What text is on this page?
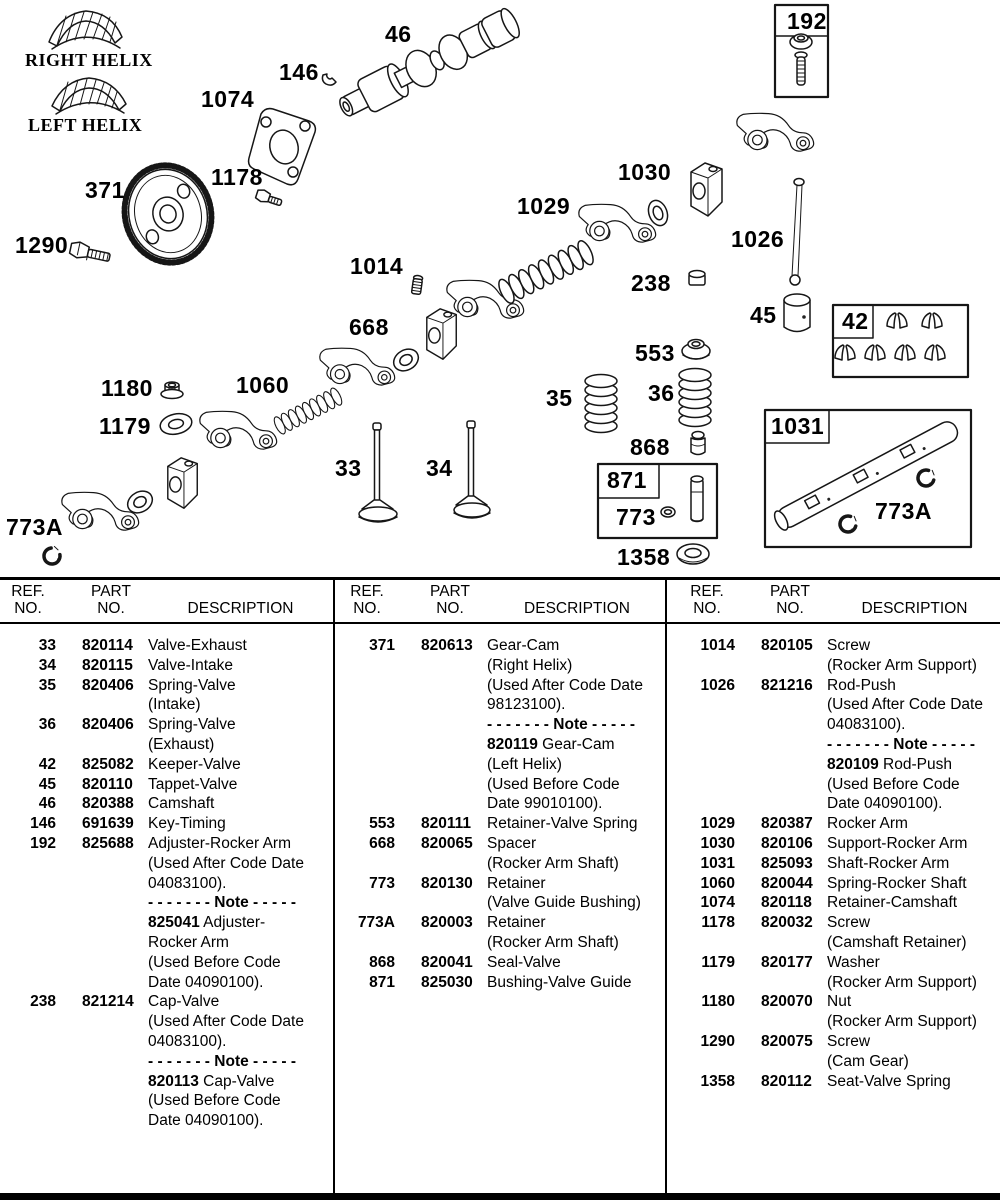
RIGHT HELIX
LEFT HELIX
46
146
1074
1178
371
1290
192
1030
1029
1026
238
1014
45	42
668
553
35	36
1180	1060
1179
868
871
773
33	34
1358
1031
773A
773A
REF.
NO.
PART
NO.	DESCRIPTION
33 820114 Valve-Exhaust
34 820115 Valve-Intake
35 820406 Spring-Valve
(Intake)
36 820406 Spring-Valve
(Exhaust)
42 825082 Keeper-Valve
45 820110 Tappet-Valve
46 820388 Camshaft
146 691639 Key-Timing
192 825688 Adjuster-Rocker Arm
(Used After Code Date
04083100).
- - - - - - - Note - - - - -
825041 Adjuster-
Rocker Arm
(Used Before Code
Date 04090100).
238 821214 Cap-Valve
(Used After Code Date
04083100).
- - - - - - - Note - - - - -
820113 Cap-Valve
(Used Before Code
Date 04090100).
REF.
NO.
PART
NO.	DESCRIPTION
371 820613 Gear-Cam
(Right Helix)
(Used After Code Date
98123100).
- - - - - - - Note - - - - -
820119 Gear-Cam
(Left Helix)
(Used Before Code
Date 99010100).
553 820111	Retainer-Valve Spring
668 820065 Spacer
(Rocker Arm Shaft)
773 820130 Retainer
(Valve Guide Bushing)
773A 820003 Retainer
(Rocker Arm Shaft)
868 820041 Seal-Valve
871 825030 Bushing-Valve Guide
REF.
NO.
PART
NO.	DESCRIPTION
1014 820105 Screw
(Rocker Arm Support)
1026 821216 Rod-Push
(Used After Code Date
04083100).
- - - - - - - Note - - - - -
820109 Rod-Push
(Used Before Code
Date 04090100).
1029 820387 Rocker Arm
1030 820106 Support-Rocker Arm
1031 825093 Shaft-Rocker Arm
1060 820044 Spring-Rocker Shaft
1074 820118 Retainer-Camshaft
1178 820032 Screw
(Camshaft Retainer)
1179 820177 Washer
(Rocker Arm Support)
1180 820070 Nut
(Rocker Arm Support)
1290 820075 Screw
(Cam Gear)
1358 820112 Seat-Valve Spring
